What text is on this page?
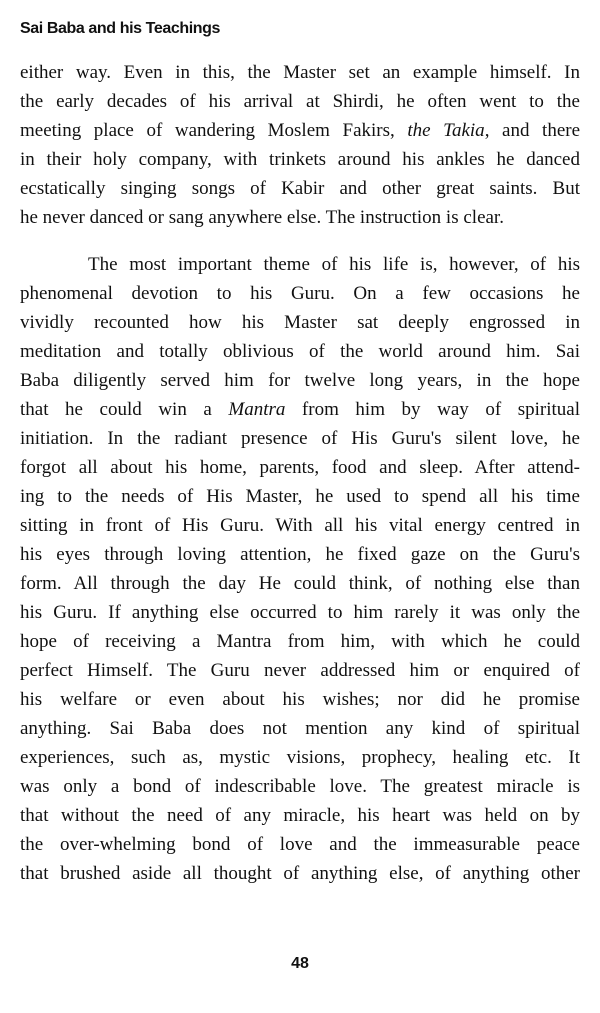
Sai Baba and his Teachings
either way. Even in this, the Master set an example himself. In
the early decades of his arrival at Shirdi, he often went to the
meeting place of wandering Moslem Fakirs, the Takia, and there
in their holy company, with trinkets around his ankles he danced
ecstatically singing songs of Kabir and other great saints. But
he never danced or sang anywhere else. The instruction is clear.
The most important theme of his life is, however, of his
phenomenal devotion to his Guru. On a few occasions he
vividly recounted how his Master sat deeply engrossed in
meditation and totally oblivious of the world around him. Sai
Baba diligently served him for twelve long years, in the hope
that he could win a Mantra from him by way of spiritual
initiation. In the radiant presence of His Guru's silent love, he
forgot all about his home, parents, food and sleep. After attend-
ing to the needs of His Master, he used to spend all his time
sitting in front of His Guru. With all his vital energy centred in
his eyes through loving attention, he fixed gaze on the Guru's
form. All through the day He could think, of nothing else than
his Guru. If anything else occurred to him rarely it was only the
hope of receiving a Mantra from him, with which he could
perfect Himself. The Guru never addressed him or enquired of
his welfare or even about his wishes; nor did he promise
anything. Sai Baba does not mention any kind of spiritual
experiences, such as, mystic visions, prophecy, healing etc. It
was only a bond of indescribable love. The greatest miracle is
that without the need of any miracle, his heart was held on by
the over-whelming bond of love and the immeasurable peace
that brushed aside all thought of anything else, of anything other
48
